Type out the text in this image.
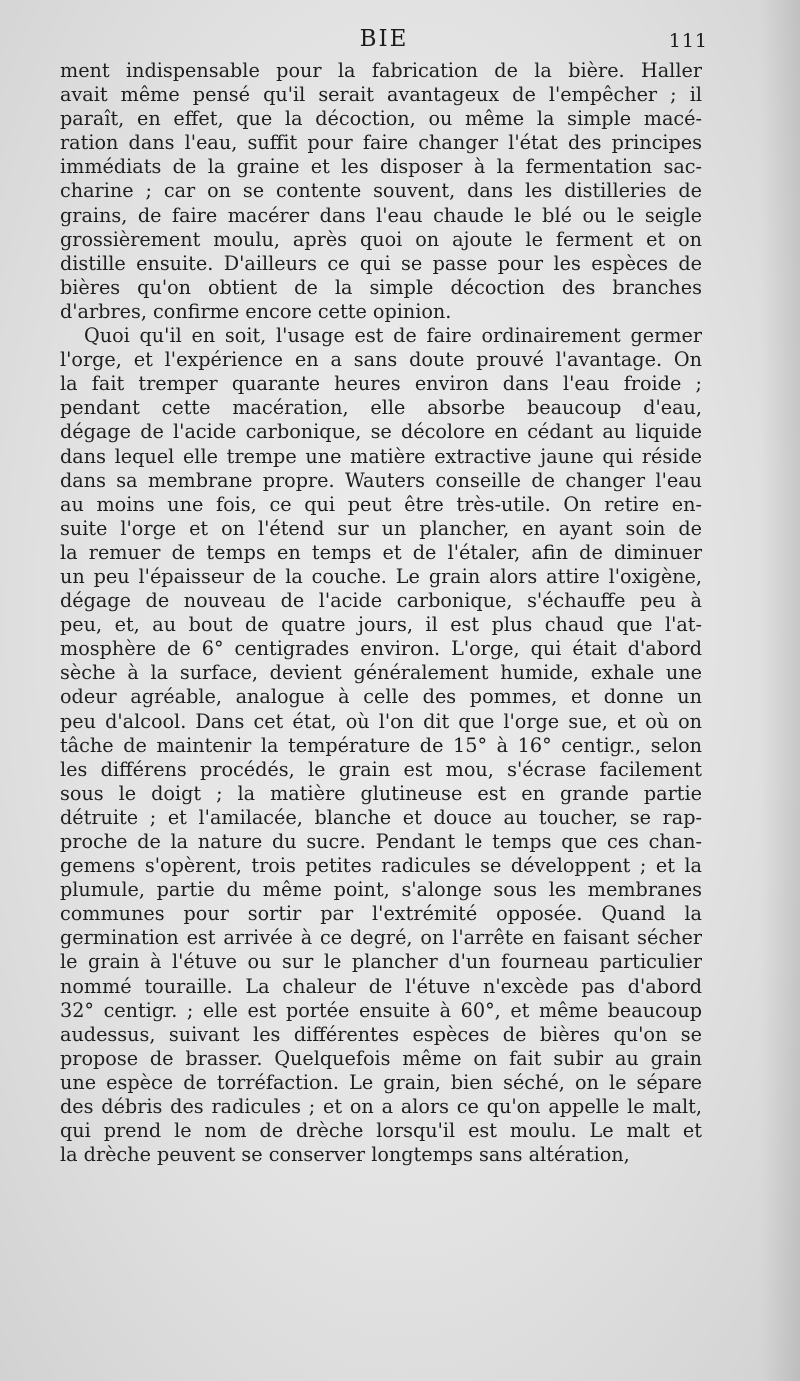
BIE	111
ment indispensable pour la fabrication de la bière. Haller
avait même pensé qu'il serait avantageux de l'empêcher ; il
paraît, en effet, que la décoction, ou même la simple macé-
ration dans l'eau, suffit pour faire changer l'état des principes
immédiats de la graine et les disposer à la fermentation sac-
charine ; car on se contente souvent, dans les distilleries de
grains, de faire macérer dans l'eau chaude le blé ou le seigle
grossièrement moulu, après quoi on ajoute le ferment et on
distille ensuite. D'ailleurs ce qui se passe pour les espèces de
bières qu'on obtient de la simple décoction des branches
d'arbres, confirme encore cette opinion.
Quoi qu'il en soit, l'usage est de faire ordinairement germer
l'orge, et l'expérience en a sans doute prouvé l'avantage. On
la fait tremper quarante heures environ dans l'eau froide ;
pendant cette macération, elle absorbe beaucoup d'eau,
dégage de l'acide carbonique, se décolore en cédant au liquide
dans lequel elle trempe une matière extractive jaune qui réside
dans sa membrane propre. Wauters conseille de changer l'eau
au moins une fois, ce qui peut être très-utile. On retire en-
suite l'orge et on l'étend sur un plancher, en ayant soin de
la remuer de temps en temps et de l'étaler, afin de diminuer
un peu l'épaisseur de la couche. Le grain alors attire l'oxigène,
dégage de nouveau de l'acide carbonique, s'échauffe peu à
peu, et, au bout de quatre jours, il est plus chaud que l'at-
mosphère de 6° centigrades environ. L'orge, qui était d'abord
sèche à la surface, devient généralement humide, exhale une
odeur agréable, analogue à celle des pommes, et donne un
peu d'alcool. Dans cet état, où l'on dit que l'orge sue, et où on
tâche de maintenir la température de 15° à 16° centigr., selon
les différens procédés, le grain est mou, s'écrase facilement
sous le doigt ; la matière glutineuse est en grande partie
détruite ; et l'amilacée, blanche et douce au toucher, se rap-
proche de la nature du sucre. Pendant le temps que ces chan-
gemens s'opèrent, trois petites radicules se développent ; et la
plumule, partie du même point, s'alonge sous les membranes
communes pour sortir par l'extrémité opposée. Quand la
germination est arrivée à ce degré, on l'arrête en faisant sécher
le grain à l'étuve ou sur le plancher d'un fourneau particulier
nommé touraille. La chaleur de l'étuve n'excède pas d'abord
32° centigr. ; elle est portée ensuite à 60°, et même beaucoup
audessus, suivant les différentes espèces de bières qu'on se
propose de brasser. Quelquefois même on fait subir au grain
une espèce de torréfaction. Le grain, bien séché, on le sépare
des débris des radicules ; et on a alors ce qu'on appelle le malt,
qui prend le nom de drèche lorsqu'il est moulu. Le malt et
la drèche peuvent se conserver longtemps sans altération,
